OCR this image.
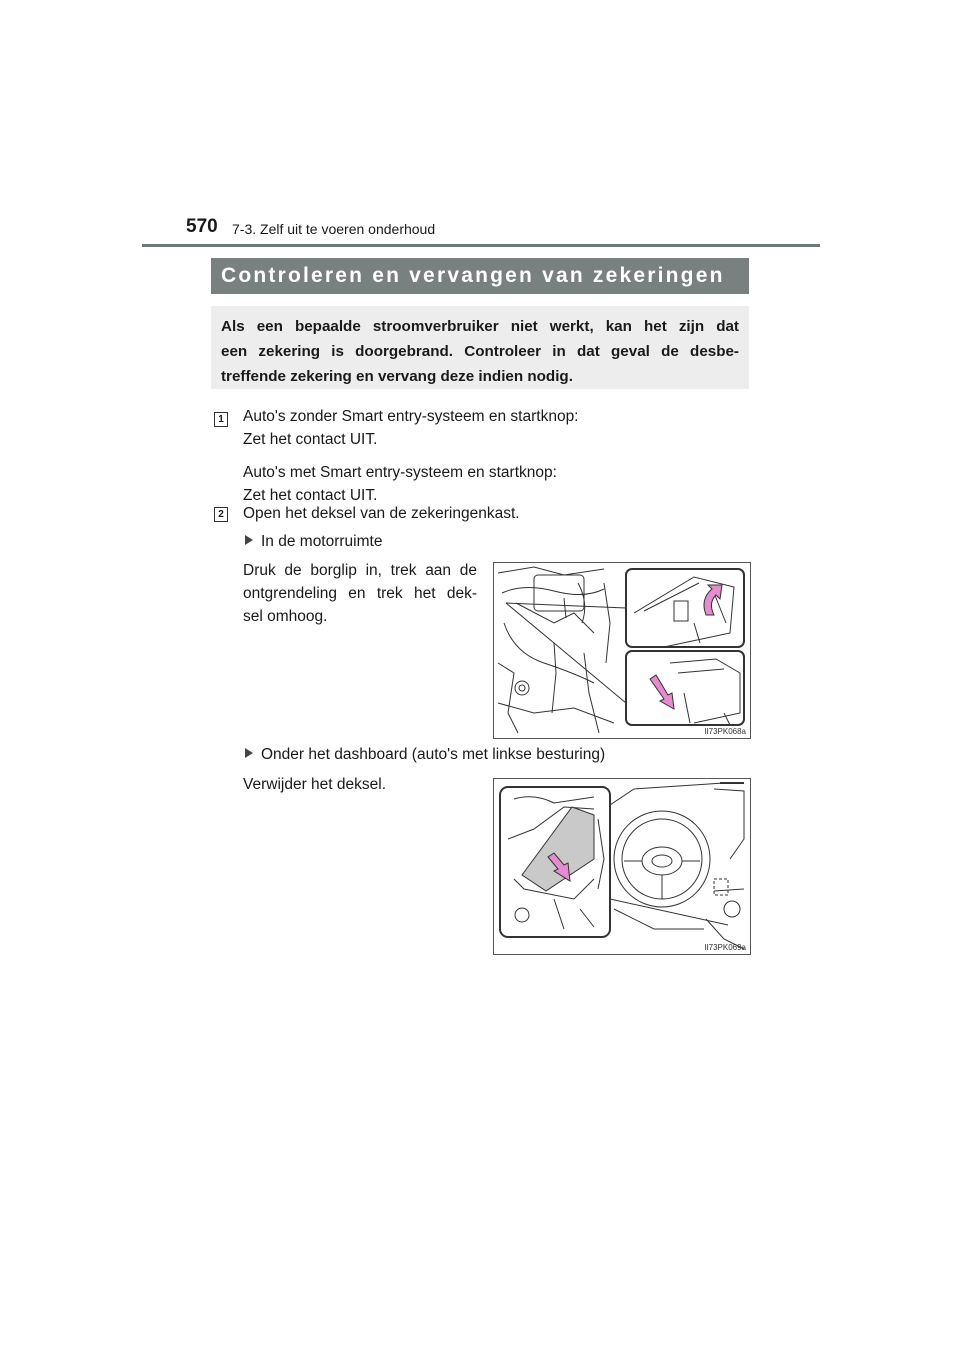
570 7-3. Zelf uit te voeren onderhoud
Controleren en vervangen van zekeringen
Als een bepaalde stroomverbruiker niet werkt, kan het zijn dat
een zekering is doorgebrand. Controleer in dat geval de desbe-
treffende zekering en vervang deze indien nodig.
1 Auto's zonder Smart entry-systeem en startknop:
Zet het contact UIT.
Auto's met Smart entry-systeem en startknop:
Zet het contact UIT.
2 Open het deksel van de zekeringenkast.
In de motorruimte
Druk de borglip in, trek aan de
ontgrendeling en trek het dek-
sel omhoog.
II73PK068a
Onder het dashboard (auto's met linkse besturing)
Verwijder het deksel.
II73PK069a
